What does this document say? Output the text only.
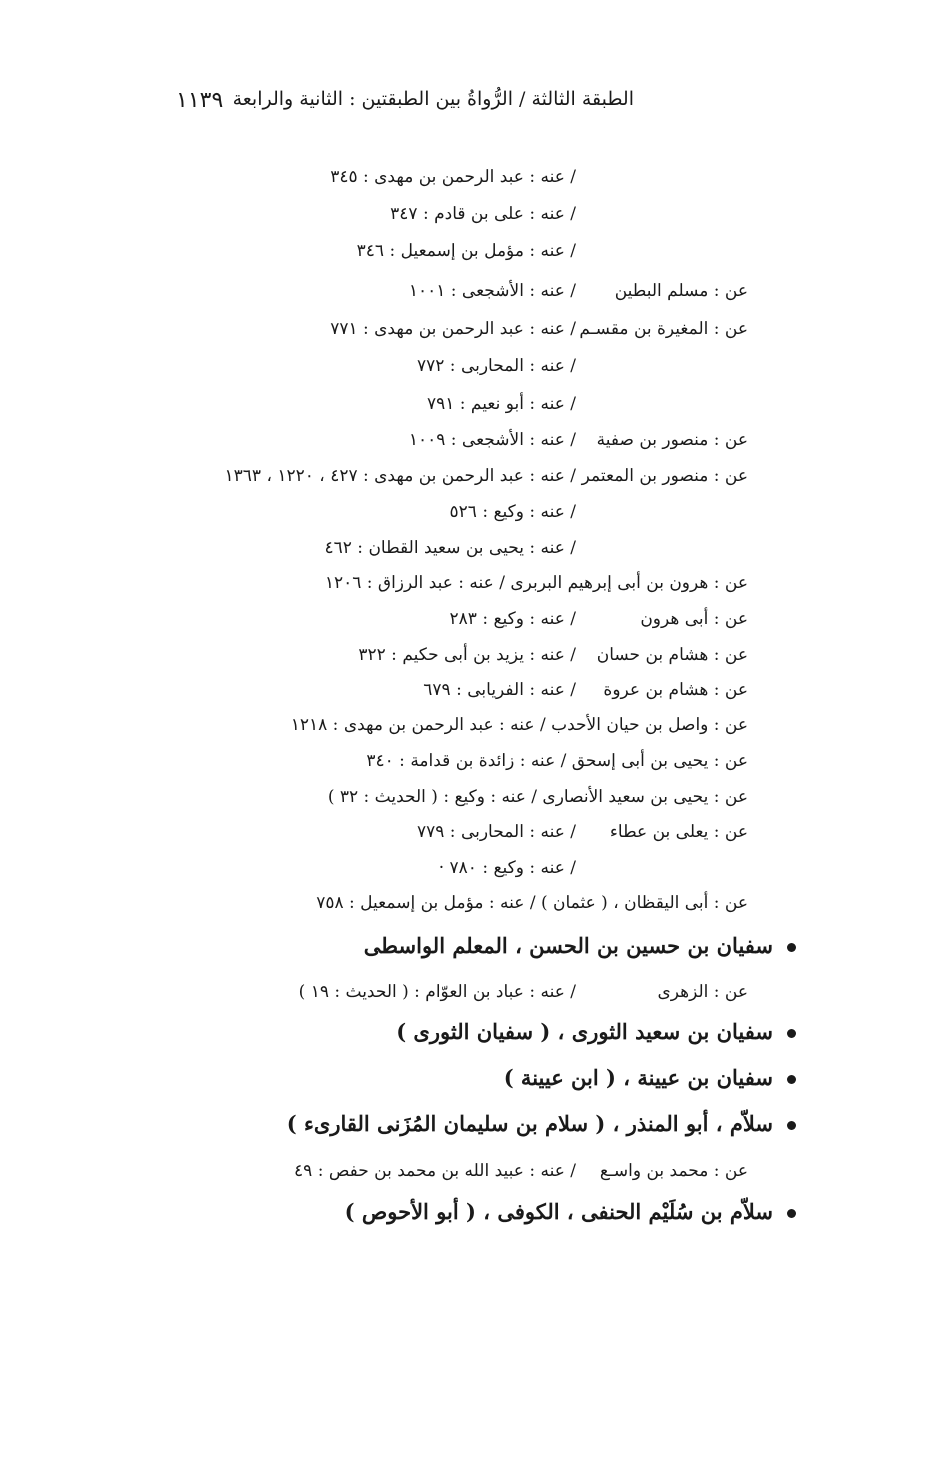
الطبقة الثالثة / الرُّواةُ بين الطبقتين : الثانية والرابعة
١١٣٩
/ عنه : عبد الرحمن بن مهدى : ٣٤٥
/ عنه : على بن قادم : ٣٤٧
/ عنه : مؤمل بن إسمعيل : ٣٤٦
عن : مسلم البطين
/ عنه : الأشجعى : ١٠٠١
عن : المغيرة بن مقسـم
/ عنه : عبد الرحمن بن مهدى : ٧٧١
/ عنه : المحاربى : ٧٧٢
/ عنه : أبو نعيم : ٧٩١
عن : منصور بن صفية
/ عنه : الأشجعى : ١٠٠٩
عن : منصور بن المعتمر
/ عنه : عبد الرحمن بن مهدى : ٤٢٧ ، ١٢٢٠ ، ١٣٦٣
/ عنه : وكيع : ٥٢٦
/ عنه : يحيى بن سعيد القطان : ٤٦٢
عن : هرون بن أبى إبرهيم البربرى / عنه : عبد الرزاق : ١٢٠٦
عن : أبى هرون
/ عنه : وكيع : ٢٨٣
عن : هشام بن حسان
/ عنه : يزيد بن أبى حكيم : ٣٢٢
عن : هشام بن عروة
/ عنه : الفريابى : ٦٧٩
عن : واصل بن حيان الأحدب / عنه : عبد الرحمن بن مهدى : ١٢١٨
عن : يحيى بن أبى إسحق / عنه : زائدة بن قدامة : ٣٤٠
عن : يحيى بن سعيد الأنصارى / عنه : وكيع : ( الحديث : ٣٢ )
عن : يعلى بن عطاء
/ عنه : المحاربى : ٧٧٩
/ عنه : وكيع : ٧٨٠ ·
عن : أبى اليقظان ، ( عثمان ) / عنه : مؤمل بن إسمعيل : ٧٥٨
سفيان بن حسين بن الحسن ، المعلم الواسطى
عن : الزهرى
/ عنه : عباد بن العوّام : ( الحديث : ١٩ )
سفيان بن سعيد الثورى ، ( سفيان الثورى )
سفيان بن عيينة ، ( ابن عيينة )
سلاّم ، أبو المنذر ، ( سلام بن سليمان المُزَنى القارىء )
عن : محمد بن واسـع
/ عنه : عبيد الله بن محمد بن حفص : ٤٩
سلاّم بن سُلَيْم الحنفى ، الكوفى ، ( أبو الأحوص )
